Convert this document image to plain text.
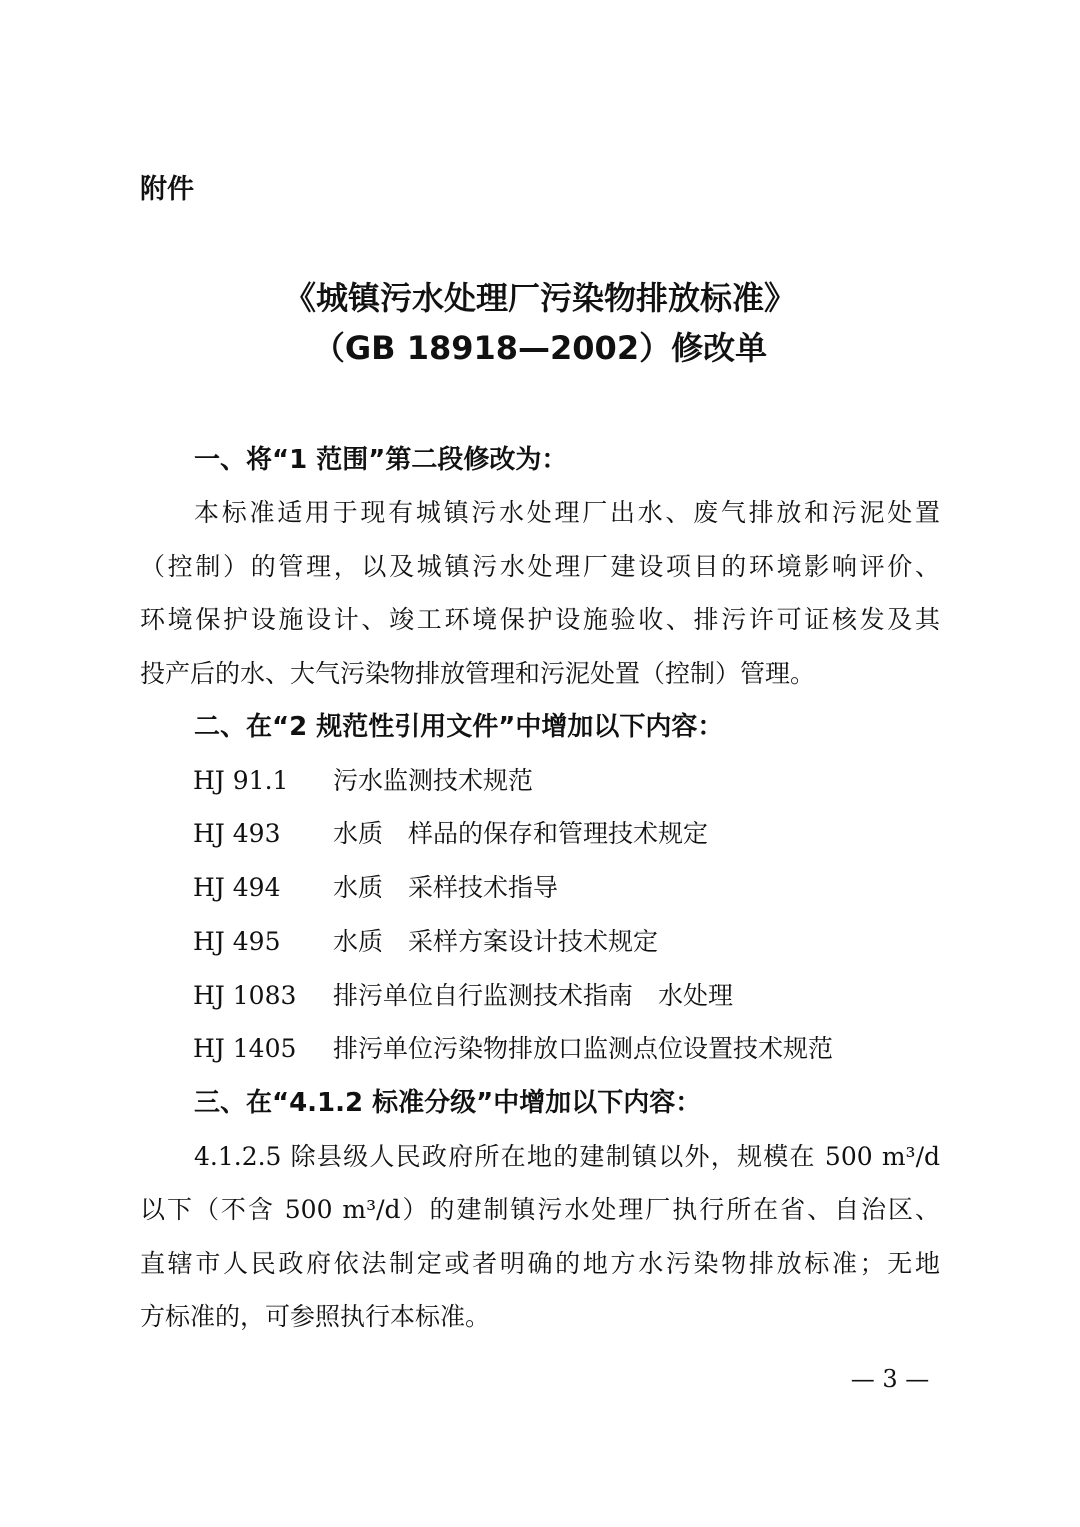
附件
《城镇污水处理厂污染物排放标准》
（GB 18918—2002）修改单
一、将“1 范围”第二段修改为：
本标准适用于现有城镇污水处理厂出水、废气排放和污泥处置
（控制）的管理，以及城镇污水处理厂建设项目的环境影响评价、
环境保护设施设计、竣工环境保护设施验收、排污许可证核发及其
投产后的水、大气污染物排放管理和污泥处置（控制）管理。
二、在“2 规范性引用文件”中增加以下内容：
HJ 91.1	污水监测技术规范
HJ 493	水质　样品的保存和管理技术规定
HJ 494	水质　采样技术指导
HJ 495	水质　采样方案设计技术规定
HJ 1083	排污单位自行监测技术指南　水处理
HJ 1405	排污单位污染物排放口监测点位设置技术规范
三、在“4.1.2 标准分级”中增加以下内容：
4.1.2.5 除县级人民政府所在地的建制镇以外，规模在 500 m³/d
以下（不含 500 m³/d）的建制镇污水处理厂执行所在省、自治区、
直辖市人民政府依法制定或者明确的地方水污染物排放标准；无地
方标准的，可参照执行本标准。
— 3 —
